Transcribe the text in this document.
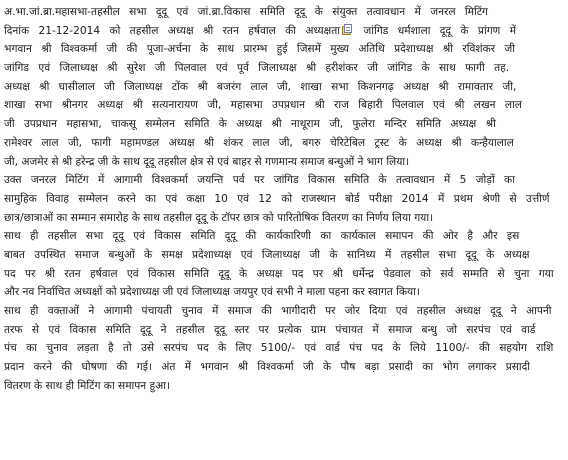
अ.भा.जां.ब्रा.महासभा-तहसील सभा दूदू एवं जां.ब्रा.विकास समिति दूदू के संयुक्त तत्वावधान में जनरल मिटिंग
दिनांक 21-12-2014 को तहसील अध्यक्ष श्री रतन हर्षवाल की अध्यक्षता
जांगिड धर्मशाला दूदू के प्रांगण में
भगवान श्री विश्वकर्मा जी की पूजा-अर्चना के साथ प्रारम्भ हुई जिसमें मुख्य अतिथि प्रदेशाध्यक्ष श्री रविशंकर जी
जांगिड एवं जिलाध्यक्ष श्री सुरेश जी पिलवाल एवं पूर्व जिलाध्यक्ष श्री हरीशंकर जी जांगिड के साथ फागी तह.
अध्यक्ष श्री घासीलाल जी जिलाध्यक्ष टोंक श्री बजरंग लाल जी, शाखा सभा किशनगढ़ अध्यक्ष श्री रामावतार जी,
शाखा सभा श्रीनगर अध्यक्ष श्री सत्यनारायण जी, महासभा उपप्रधान श्री राज बिहारी पिलवाल एवं श्री लखन लाल
जी उपप्रधान महासभा, चाकसू सम्मेलन समिति के अध्यक्ष श्री नाथूराम जी, फुलेरा मन्दिर समिति अध्यक्ष श्री
रामेश्वर लाल जी, फागी महामण्डल अध्यक्ष श्री शंकर लाल जी, बगरु चेरिटेबिल ट्रस्ट के अध्यक्ष श्री कन्हैयालाल
जी, अजमेर से श्री हरेन्द्र जी के साथ दूदू तहसील क्षेत्र से एवं बाहर से गणमान्य समाज बन्धुओं ने भाग लिया।
उक्त जनरल मिटिंग में आगामी विश्वकर्मा जयन्ति पर्व पर जांगिड विकास समिति के तत्वावधान में 5 जोड़ों का
सामुहिक विवाह सम्मेलन करने का एवं कक्षा 10 एवं 12 को राजस्थान बोर्ड परीक्षा 2014 में प्रथम श्रेणी से उत्तीर्ण
छात्र/छात्राओं का सम्मान समारोह के साथ तहसील दूदू के टॉपर छात्र को पारितोषिक वितरण का निर्णय लिया गया।
साथ ही तहसील सभा दूदू एवं विकास समिति दूदू की कार्यकारिणी का कार्यकाल समापन की ओर है और इस
बाबत उपस्थित समाज बन्धुओं के समक्ष प्रदेशाध्यक्ष एवं जिलाध्यक्ष जी के सानिध्य में तहसील सभा दूदू के अध्यक्ष
पद पर श्री रतन हर्षवाल एवं विकास समिति दूदू के अध्यक्ष पद पर श्री धर्मेन्द्र पेडवाल को सर्व सम्मति से चुना गया
और नव निर्वाचित अध्यक्षों को प्रदेशाध्यक्ष जी एवं जिलाध्यक्ष जयपुर एवं सभी ने माला पहना कर स्वागत किया।
साथ ही वक्ताओं ने आगामी पंचायती चुनाव में समाज की भागीदारी पर जोर दिया एवं तहसील अध्यक्ष दूदू ने आपनी
तरफ से एवं विकास समिति दूदू ने तहसील दूदू स्तर पर प्रत्येक ग्राम पंचायत में समाज बन्धु जो सरपंच एवं वार्ड
पंच का चुनाव लड़ता है तो उसे सरपंच पद के लिए 5100/- एवं वार्ड पंच पद के लिये 1100/- की सहयोग राशि
प्रदान करने की घोषणा की गई। अंत में भगवान श्री विश्वकर्मा जी के पौष बड़ा प्रसादी का भोग लगाकर प्रसादी
वितरण के साथ ही मिटिंग का समापन हुआ।
